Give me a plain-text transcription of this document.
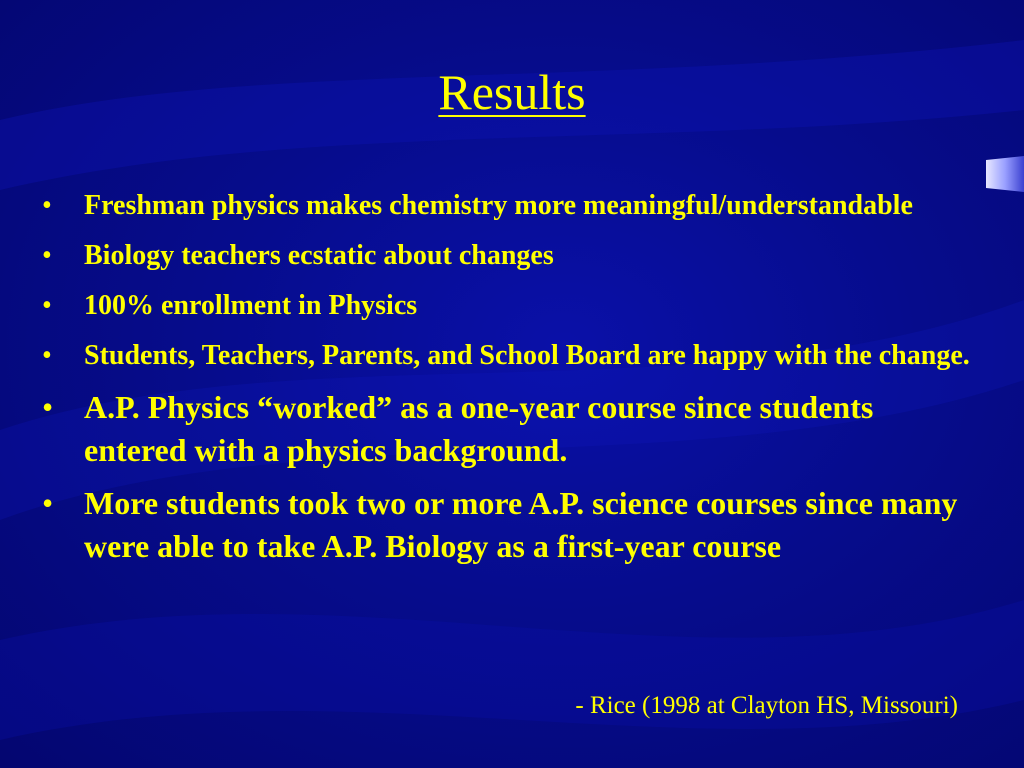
Results
• Freshman physics makes chemistry more meaningful/understandable
• Biology teachers ecstatic about changes
• 100% enrollment in Physics
• Students, Teachers, Parents, and School Board are happy with the change.
• A.P. Physics “worked” as a one-year course since students entered with a physics background.
• More students took two or more A.P. science courses since many were able to take A.P. Biology as a first-year course
- Rice (1998 at Clayton HS, Missouri)
